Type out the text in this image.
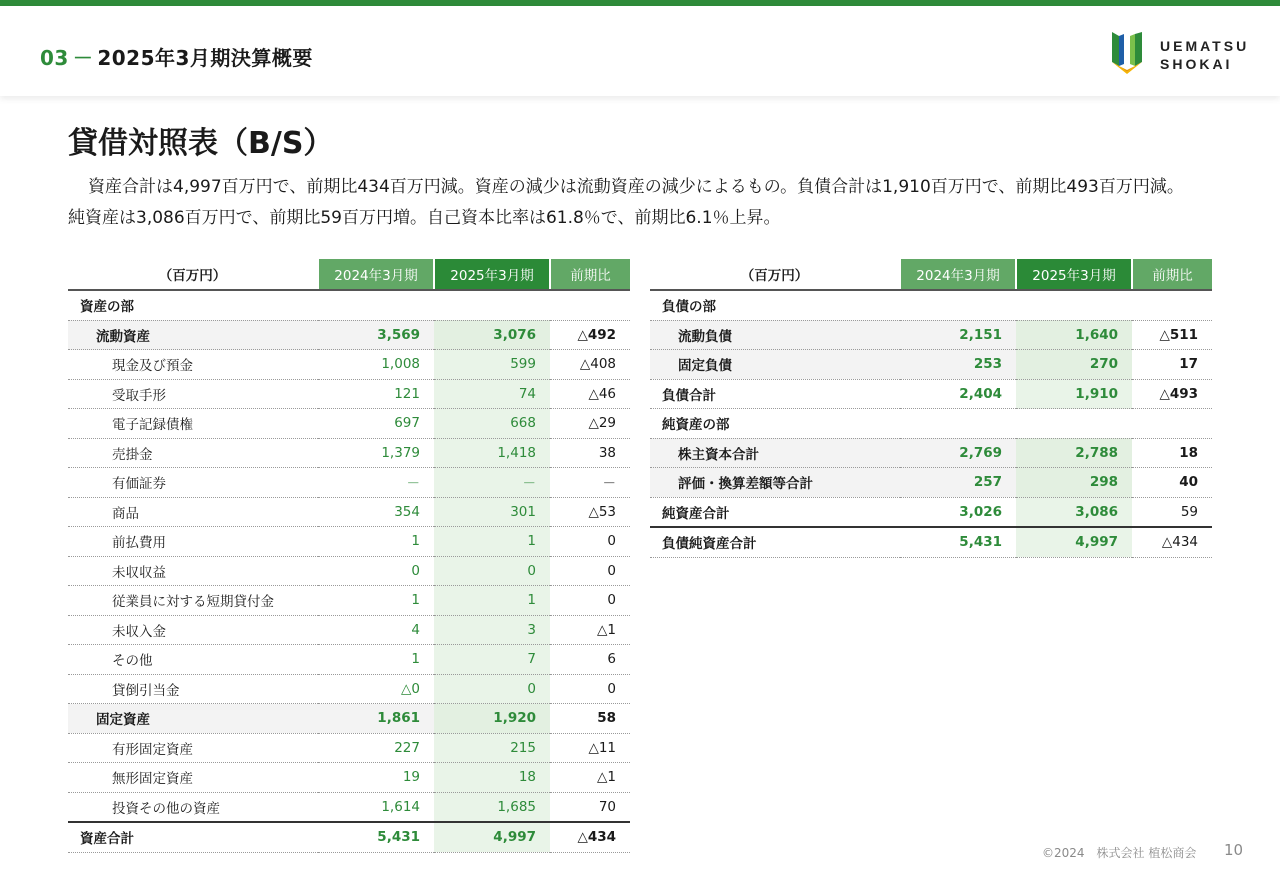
03 － 2025年3月期決算概要	UEMATSU
SHOKAI
貸借対照表（B/S）
資産合計は4,997百万円で、前期比434百万円減。資産の減少は流動資産の減少によるもの。負債合計は1,910百万円で、前期比493百万円減。純資産は3,086百万円で、前期比59百万円増。自己資本比率は61.8％で、前期比6.1％上昇。
（百万円）	2024年3月期	2025年3月期	前期比
資産の部			
流動資産	3,569	3,076	△492
現金及び預金	1,008	599	△408
受取手形	121	74	△46
電子記録債権	697	668	△29
売掛金	1,379	1,418	38
有価証券	－	－	－
商品	354	301	△53
前払費用	1	1	0
未収収益	0	0	0
従業員に対する短期貸付金	1	1	0
未収入金	4	3	△1
その他	1	7	6
貸倒引当金	△0	0	0
固定資産	1,861	1,920	58
有形固定資産	227	215	△11
無形固定資産	19	18	△1
投資その他の資産	1,614	1,685	70
資産合計	5,431	4,997	△434
（百万円）	2024年3月期	2025年3月期	前期比
負債の部			
流動負債	2,151	1,640	△511
固定負債	253	270	17
負債合計	2,404	1,910	△493
純資産の部			
株主資本合計	2,769	2,788	18
評価・換算差額等合計	257	298	40
純資産合計	3,026	3,086	59
負債純資産合計	5,431	4,997	△434
©2024　株式会社 植松商会 10
